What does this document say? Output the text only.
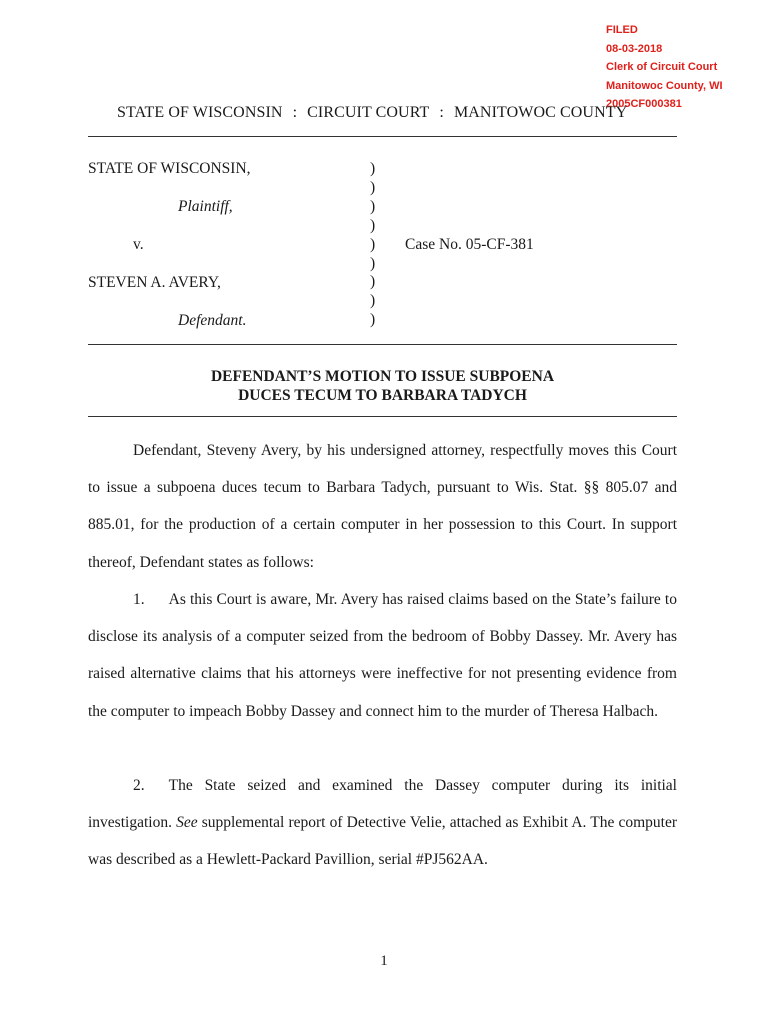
FILED
08-03-2018
Clerk of Circuit Court
Manitowoc County, WI
2005CF000381
STATE OF WISCONSIN : CIRCUIT COURT : MANITOWOC COUNTY
STATE OF WISCONSIN,
Plaintiff,
v.
STEVEN A. AVERY,
Defendant.
)
)
)
)
)
)
)
)
)
Case No. 05-CF-381
DEFENDANT’S MOTION TO ISSUE SUBPOENA
DUCES TECUM TO BARBARA TADYCH

Defendant, Steveny Avery, by his undersigned attorney, respectfully moves this Court to issue a subpoena duces tecum to Barbara Tadych, pursuant to Wis. Stat. §§ 805.07 and 885.01, for the production of a certain computer in her possession to this Court. In support thereof, Defendant states as follows:

1. As this Court is aware, Mr. Avery has raised claims based on the State’s failure to disclose its analysis of a computer seized from the bedroom of Bobby Dassey. Mr. Avery has raised alternative claims that his attorneys were ineffective for not presenting evidence from the computer to impeach Bobby Dassey and connect him to the murder of Theresa Halbach.

2. The State seized and examined the Dassey computer during its initial investigation. See supplemental report of Detective Velie, attached as Exhibit A. The computer was described as a Hewlett-Packard Pavillion, serial #PJ562AA.

1
